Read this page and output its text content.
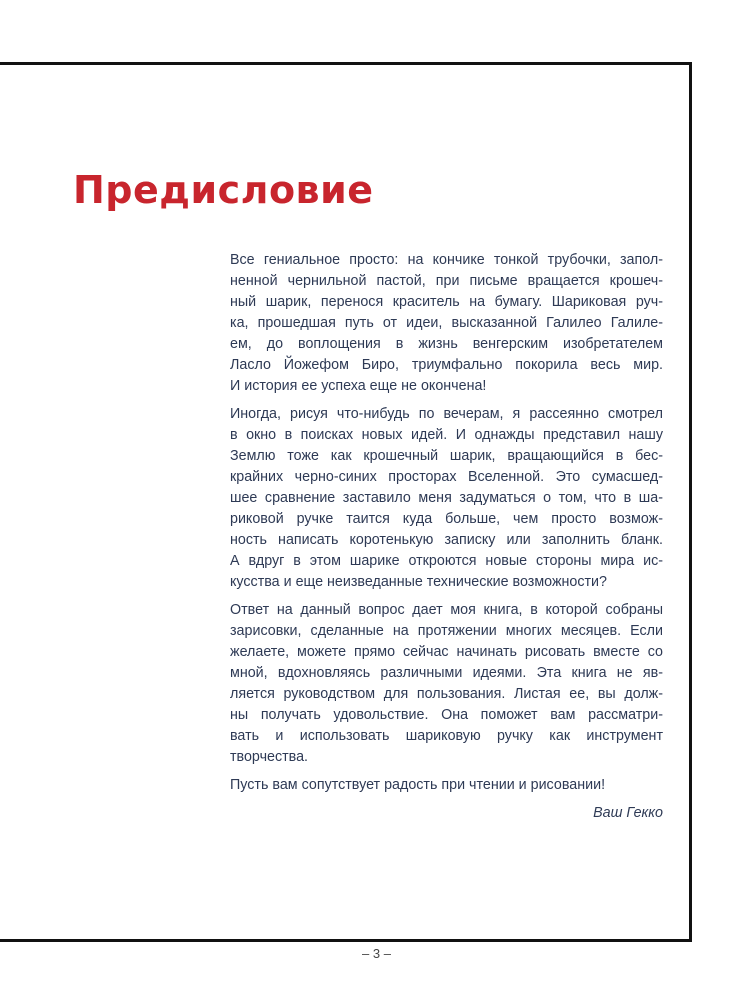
Предисловие
Все гениальное просто: на кончике тонкой трубочки, запол-
ненной чернильной пастой, при письме вращается крошеч-
ный шарик, перенося краситель на бумагу. Шариковая руч-
ка, прошедшая путь от идеи, высказанной Галилео Галиле-
ем, до воплощения в жизнь венгерским изобретателем
Ласло Йожефом Биро, триумфально покорила весь мир.
И история ее успеха еще не окончена!
Иногда, рисуя что-нибудь по вечерам, я рассеянно смотрел
в окно в поисках новых идей. И однажды представил нашу
Землю тоже как крошечный шарик, вращающийся в бес-
крайних черно-синих просторах Вселенной. Это сумасшед-
шее сравнение заставило меня задуматься о том, что в ша-
риковой ручке таится куда больше, чем просто возмож-
ность написать коротенькую записку или заполнить бланк.
А вдруг в этом шарике откроются новые стороны мира ис-
кусства и еще неизведанные технические возможности?
Ответ на данный вопрос дает моя книга, в которой собраны
зарисовки, сделанные на протяжении многих месяцев. Если
желаете, можете прямо сейчас начинать рисовать вместе со
мной, вдохновляясь различными идеями. Эта книга не яв-
ляется руководством для пользования. Листая ее, вы долж-
ны получать удовольствие. Она поможет вам рассматри-
вать и использовать шариковую ручку как инструмент
творчества.
Пусть вам сопутствует радость при чтении и рисовании!
Ваш Гекко
– 3 –
